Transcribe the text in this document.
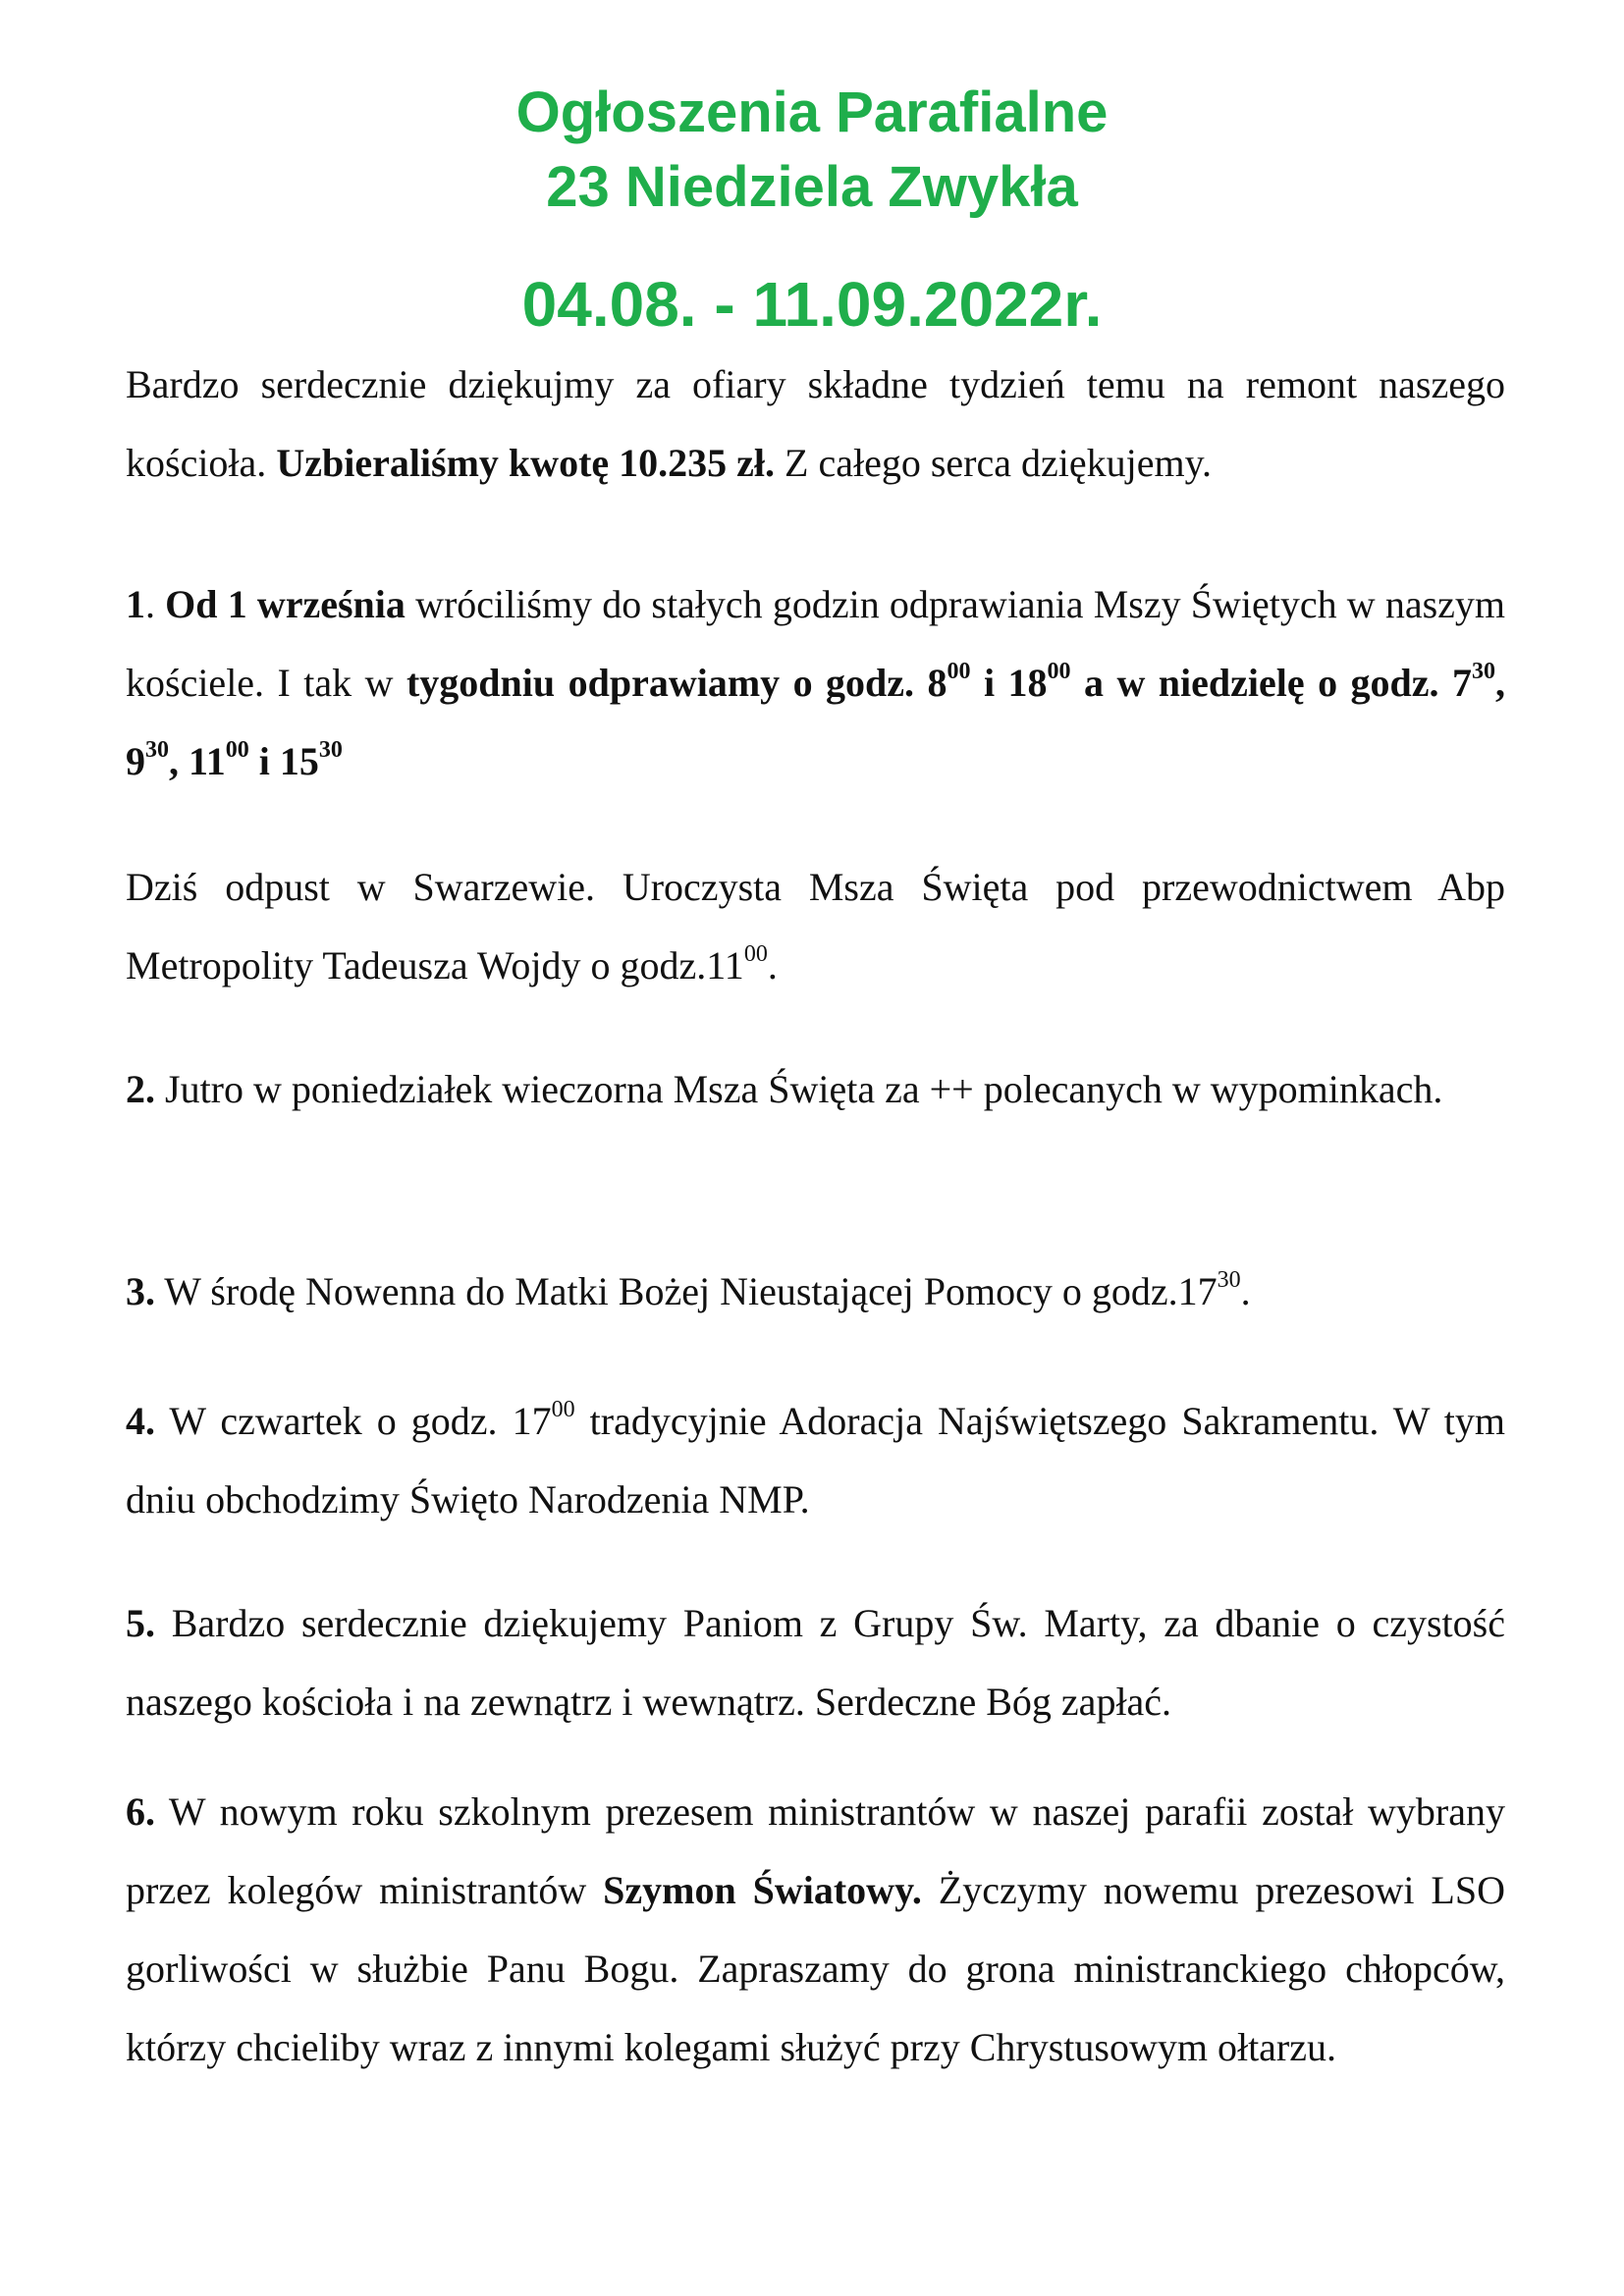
Ogłoszenia Parafialne
23 Niedziela Zwykła
04.08. - 11.09.2022r.

Bardzo serdecznie dziękujmy za ofiary składne tydzień temu na remont naszego kościoła. Uzbieraliśmy kwotę 10.235 zł. Z całego serca dziękujemy.

1. Od 1 września wróciliśmy do stałych godzin odprawiania Mszy Świętych w naszym kościele. I tak w tygodniu odprawiamy o godz. $8^{00}$ i $18^{00}$ a w niedzielę o godz. $7^{30}$, $9^{30}$, $11^{00}$ i $15^{30}$

Dziś odpust w Swarzewie. Uroczysta Msza Święta pod przewodnictwem Abp Metropolity Tadeusza Wojdy o $godz.11^{00}$.

2. Jutro w poniedziałek wieczorna Msza Święta za ++ polecanych w wypominkach.

3. W środę Nowenna do Matki Bożej Nieustającej Pomocy o $godz.17^{30}$.

4. W czwartek o godz. $17^{00}$ tradycyjnie Adoracja Najświętszego Sakramentu. W tym dniu obchodzimy Święto Narodzenia NMP.

5. Bardzo serdecznie dziękujemy Paniom z Grupy Św. Marty, za dbanie o czystość naszego kościoła i na zewnątrz i wewnątrz. Serdeczne Bóg zapłać.

6. W nowym roku szkolnym prezesem ministrantów w naszej parafii został wybrany przez kolegów ministrantów Szymon Światowy. Życzymy nowemu prezesowi LSO gorliwości w służbie Panu Bogu. Zapraszamy do grona ministranckiego chłopców, którzy chcieliby wraz z innymi kolegami służyć przy Chrystusowym ołtarzu.
